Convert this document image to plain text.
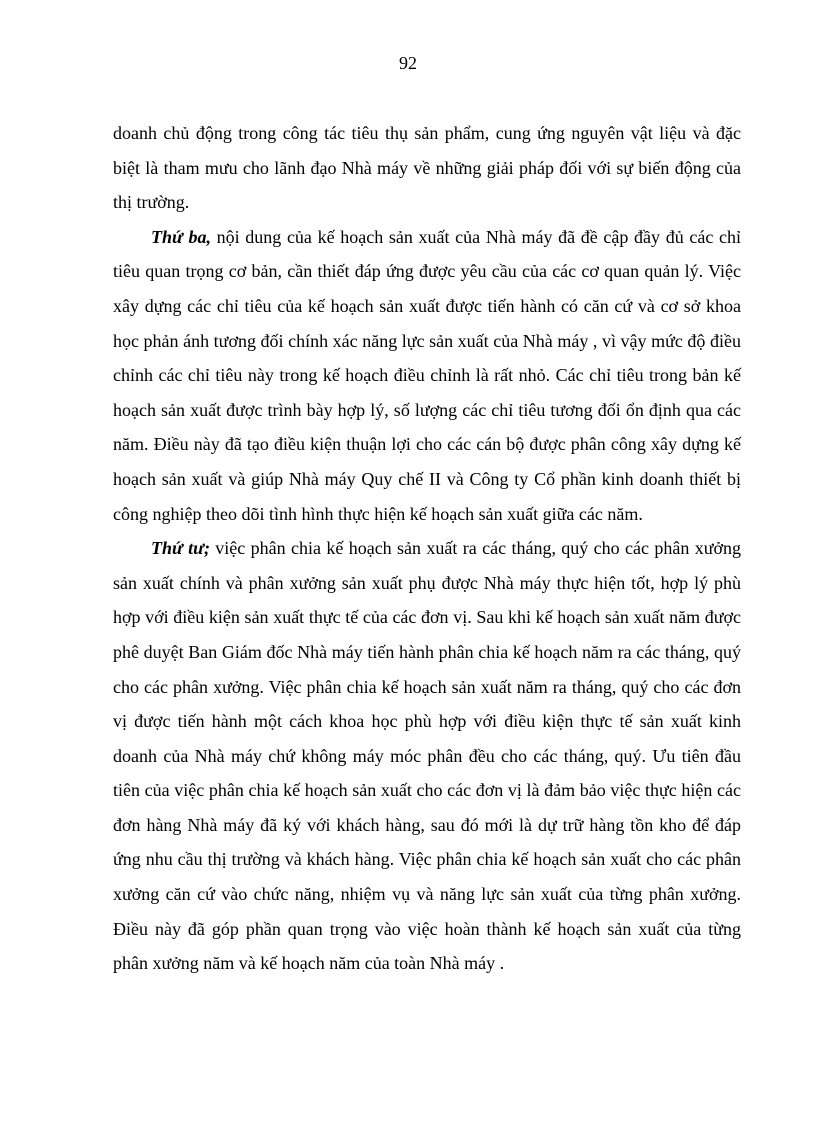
92

doanh chủ động trong công tác tiêu thụ sản phẩm, cung ứng nguyên vật liệu và đặc biệt là tham mưu cho lãnh đạo Nhà máy về những giải pháp đối với sự biến động của thị trường.

Thứ ba, nội dung của kế hoạch sản xuất của Nhà máy đã đề cập đầy đủ các chỉ tiêu quan trọng cơ bản, cần thiết đáp ứng được yêu cầu của các cơ quan quản lý. Việc xây dựng các chỉ tiêu của kế hoạch sản xuất được tiến hành có căn cứ và cơ sở khoa học phản ánh tương đối chính xác năng lực sản xuất của Nhà máy , vì vậy mức độ điều chỉnh các chỉ tiêu này trong kế hoạch điều chỉnh là rất nhỏ. Các chỉ tiêu trong bản kế hoạch sản xuất được trình bày hợp lý, số lượng các chỉ tiêu tương đối ổn định qua các năm. Điều này đã tạo điều kiện thuận lợi cho các cán bộ được phân công xây dựng kế hoạch sản xuất và giúp Nhà máy Quy chế II và Công ty Cổ phần kinh doanh thiết bị công nghiệp theo dõi tình hình thực hiện kế hoạch sản xuất giữa các năm.

Thứ tư; việc phân chia kế hoạch sản xuất ra các tháng, quý cho các phân xưởng sản xuất chính và phân xưởng sản xuất phụ được Nhà máy thực hiện tốt, hợp lý phù hợp với điều kiện sản xuất thực tế của các đơn vị. Sau khi kế hoạch sản xuất năm được phê duyệt Ban Giám đốc Nhà máy tiến hành phân chia kế hoạch năm ra các tháng, quý cho các phân xưởng. Việc phân chia kế hoạch sản xuất năm ra tháng, quý cho các đơn vị được tiến hành một cách khoa học phù hợp với điều kiện thực tế sản xuất kinh doanh của Nhà máy chứ không máy móc phân đều cho các tháng, quý. Ưu tiên đầu tiên của việc phân chia kế hoạch sản xuất cho các đơn vị là đảm bảo việc thực hiện các đơn hàng Nhà máy đã ký với khách hàng, sau đó mới là dự trữ hàng tồn kho để đáp ứng nhu cầu thị trường và khách hàng. Việc phân chia kế hoạch sản xuất cho các phân xưởng căn cứ vào chức năng, nhiệm vụ và năng lực sản xuất của từng phân xưởng. Điều này đã góp phần quan trọng vào việc hoàn thành kế hoạch sản xuất của từng phân xưởng năm và kế hoạch năm của toàn Nhà máy .
